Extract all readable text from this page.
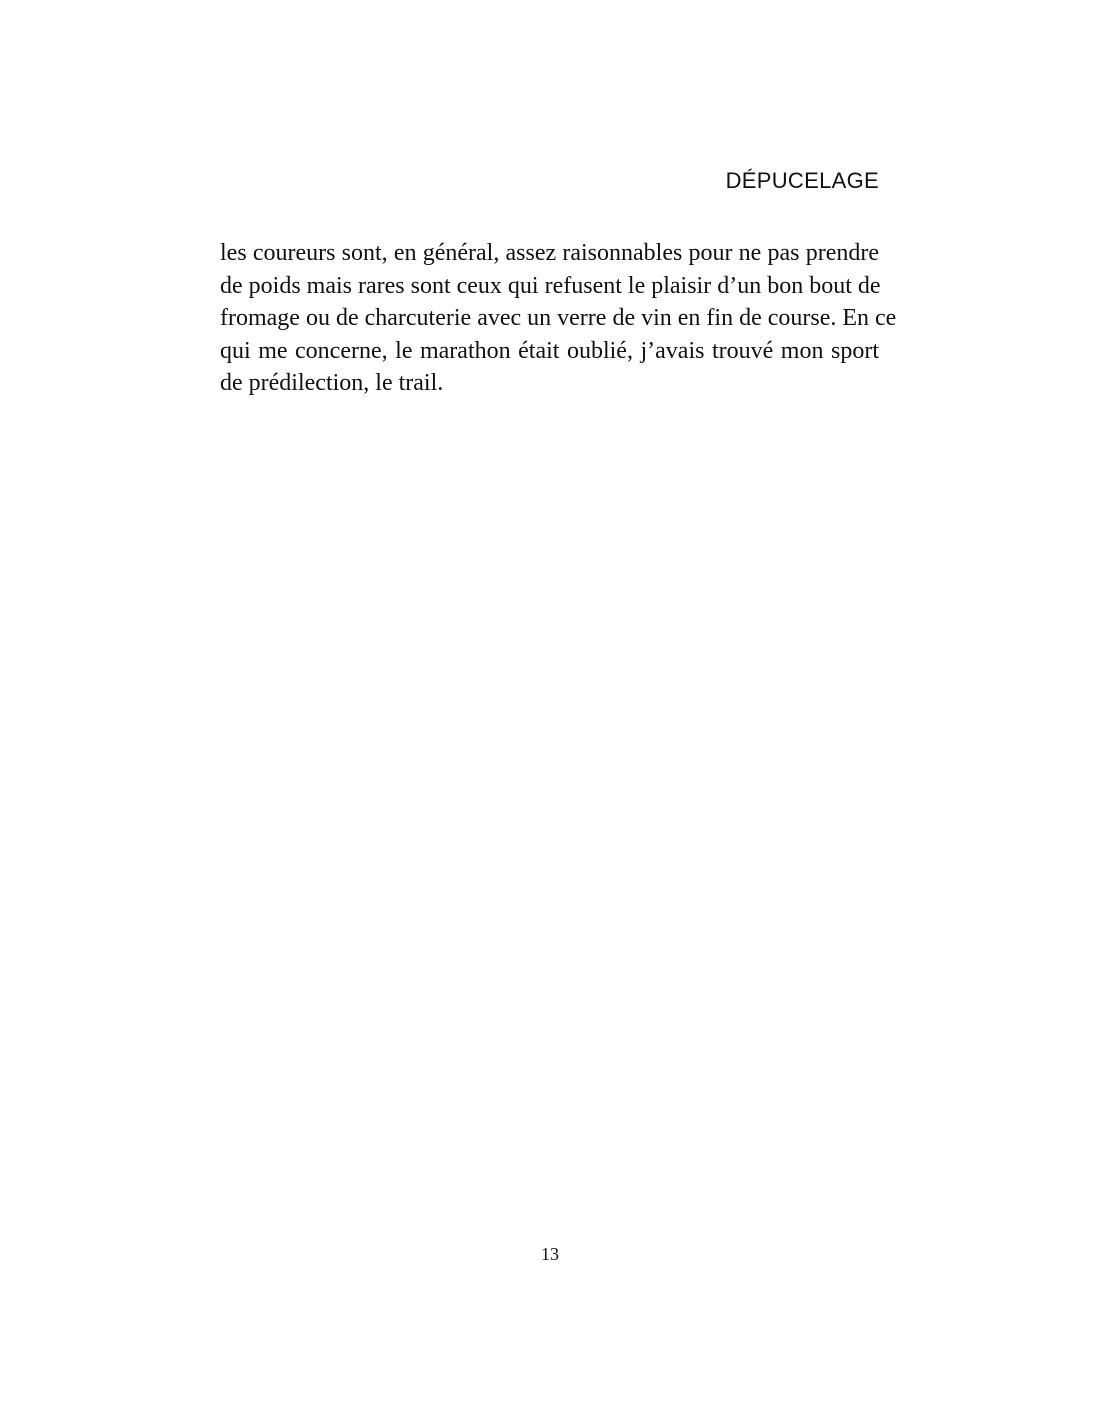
DÉPUCELAGE

les coureurs sont, en général, assez raisonnables pour ne pas prendre
de poids mais rares sont ceux qui refusent le plaisir d’un bon bout de
fromage ou de charcuterie avec un verre de vin en fin de course. En ce
qui me concerne, le marathon était oublié, j’avais trouvé mon sport
de prédilection, le trail.

13
